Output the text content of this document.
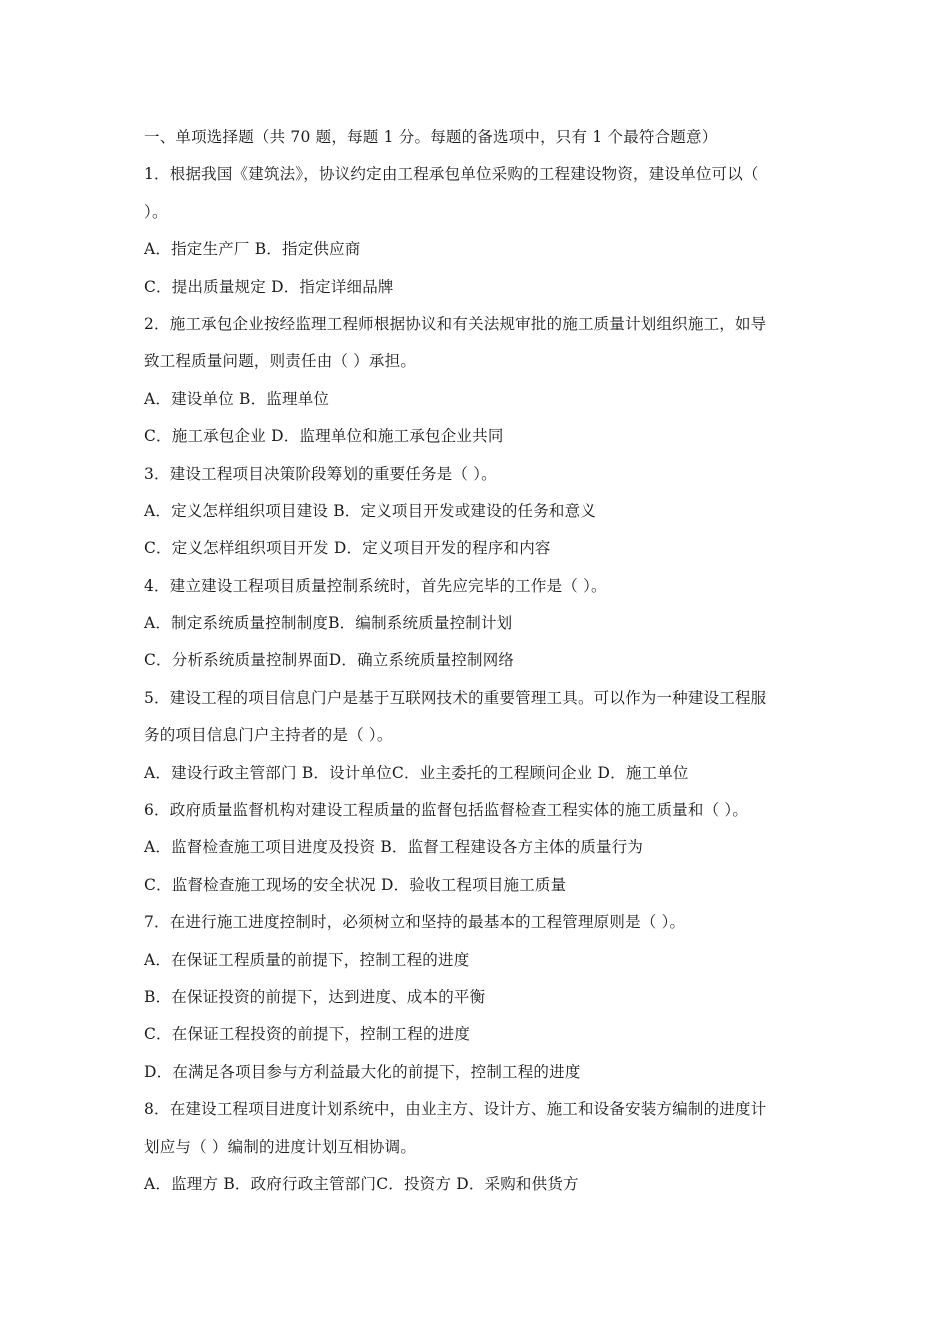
一、单项选择题（共 70 题，每题 1 分。每题的备选项中，只有 1 个最符合题意）
1．根据我国《建筑法》，协议约定由工程承包单位采购的工程建设物资，建设单位可以（
）。
A．指定生产厂 B．指定供应商
C．提出质量规定 D．指定详细品牌
2．施工承包企业按经监理工程师根据协议和有关法规审批的施工质量计划组织施工，如导
致工程质量问题，则责任由（ ）承担。
A．建设单位 B．监理单位
C．施工承包企业 D．监理单位和施工承包企业共同
3．建设工程项目决策阶段筹划的重要任务是（ ）。
A．定义怎样组织项目建设 B．定义项目开发或建设的任务和意义
C．定义怎样组织项目开发 D．定义项目开发的程序和内容
4．建立建设工程项目质量控制系统时，首先应完毕的工作是（ ）。
A．制定系统质量控制制度B．编制系统质量控制计划
C．分析系统质量控制界面D．确立系统质量控制网络
5．建设工程的项目信息门户是基于互联网技术的重要管理工具。可以作为一种建设工程服
务的项目信息门户主持者的是（ ）。
A．建设行政主管部门 B．设计单位C．业主委托的工程顾问企业 D．施工单位
6．政府质量监督机构对建设工程质量的监督包括监督检查工程实体的施工质量和（ ）。
A．监督检查施工项目进度及投资 B．监督工程建设各方主体的质量行为
C．监督检查施工现场的安全状况 D．验收工程项目施工质量
7．在进行施工进度控制时，必须树立和坚持的最基本的工程管理原则是（ ）。
A．在保证工程质量的前提下，控制工程的进度
B．在保证投资的前提下，达到进度、成本的平衡
C．在保证工程投资的前提下，控制工程的进度
D．在满足各项目参与方利益最大化的前提下，控制工程的进度
8．在建设工程项目进度计划系统中，由业主方、设计方、施工和设备安装方编制的进度计
划应与（ ）编制的进度计划互相协调。
A．监理方 B．政府行政主管部门C．投资方 D．采购和供货方
